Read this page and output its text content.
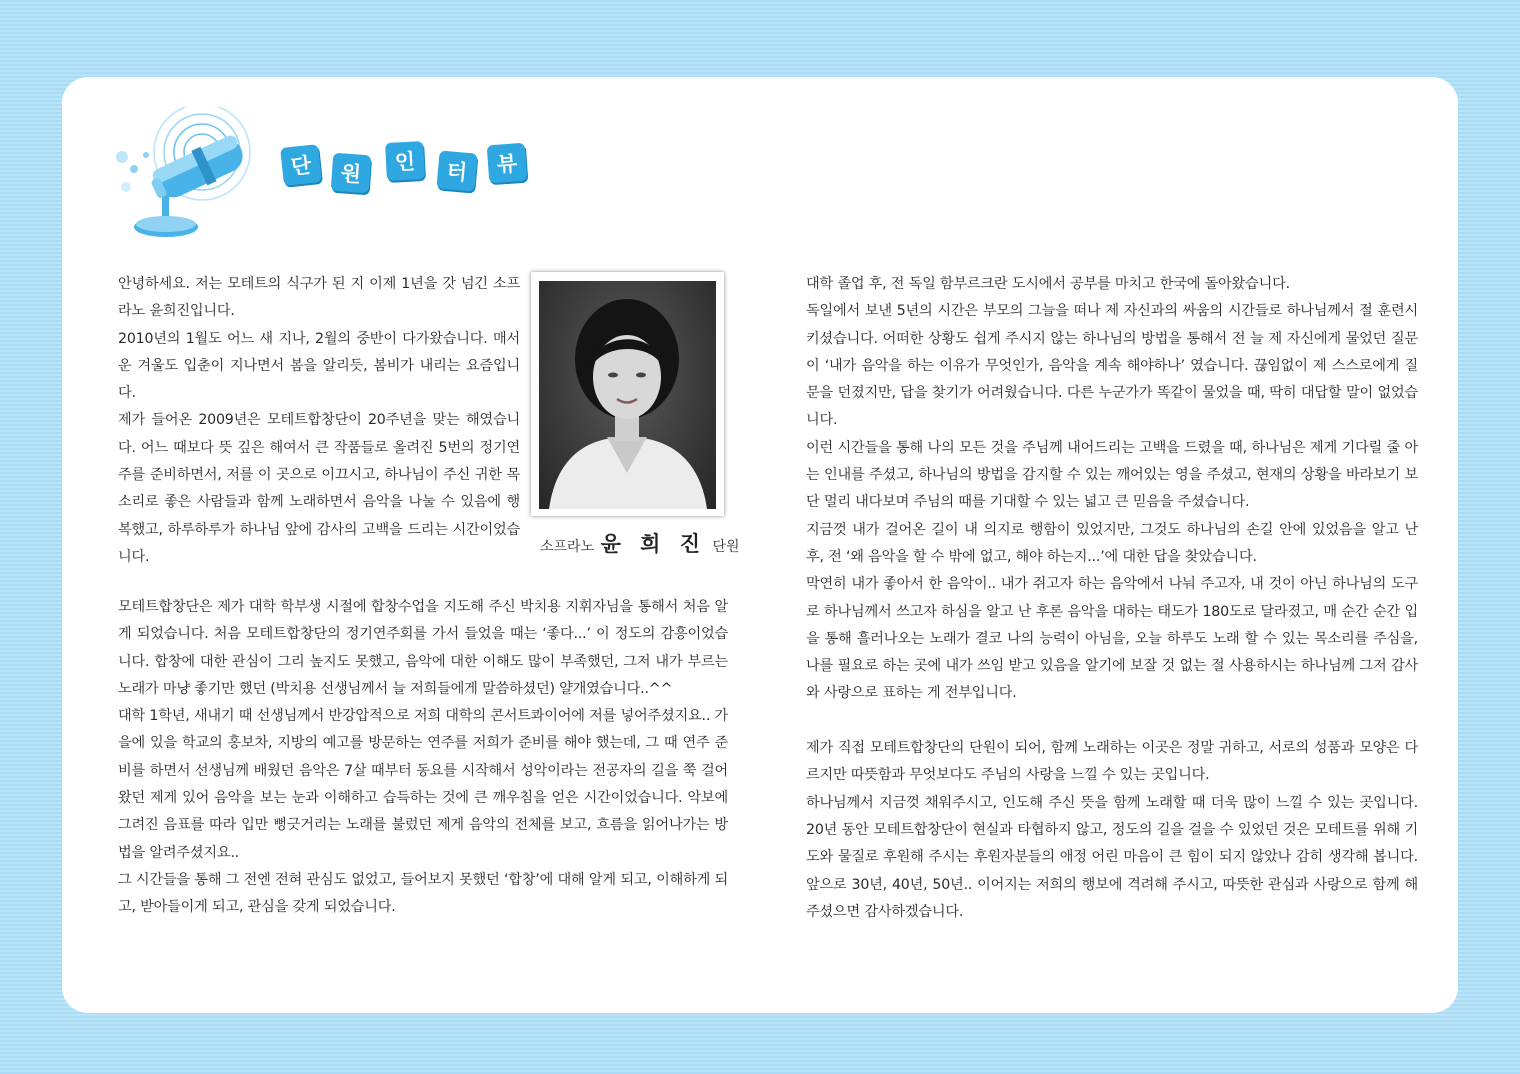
단	원	인	터	뷰

안녕하세요. 저는 모테트의 식구가 된 지 이제 1년을 갓 넘긴 소프라노 윤희진입니다.

2010년의 1월도 어느 새 지나, 2월의 중반이 다가왔습니다. 매서운 겨울도 입춘이 지나면서 봄을 알리듯, 봄비가 내리는 요즘입니다.

제가 들어온 2009년은 모테트합창단이 20주년을 맞는 해였습니다. 어느 때보다 뜻 깊은 해여서 큰 작품들로 올려진 5번의 정기연주를 준비하면서, 저를 이 곳으로 이끄시고, 하나님이 주신 귀한 목소리로 좋은 사람들과 함께 노래하면서 음악을 나눌 수 있음에 행복했고, 하루하루가 하나님 앞에 감사의 고백을 드리는 시간이었습니다.

소프라노 윤 희 진 단원

모테트합창단은 제가 대학 학부생 시절에 합창수업을 지도해 주신 박치용 지휘자님을 통해서 처음 알게 되었습니다. 처음 모테트합창단의 정기연주회를 가서 들었을 때는 ‘좋다...’ 이 정도의 감흥이었습니다. 합창에 대한 관심이 그리 높지도 못했고, 음악에 대한 이해도 많이 부족했던, 그저 내가 부르는 노래가 마냥 좋기만 했던 (박치용 선생님께서 늘 저희들에게 말씀하셨던) 얄개였습니다..^^

대학 1학년, 새내기 때 선생님께서 반강압적으로 저희 대학의 콘서트콰이어에 저를 넣어주셨지요.. 가을에 있을 학교의 홍보차, 지방의 예고를 방문하는 연주를 저희가 준비를 해야 했는데, 그 때 연주 준비를 하면서 선생님께 배웠던 음악은 7살 때부터 동요를 시작해서 성악이라는 전공자의 길을 쭉 걸어왔던 제게 있어 음악을 보는 눈과 이해하고 습득하는 것에 큰 깨우침을 얻은 시간이었습니다. 악보에 그려진 음표를 따라 입만 뻥긋거리는 노래를 불렀던 제게 음악의 전체를 보고, 흐름을 읽어나가는 방법을 알려주셨지요..

그 시간들을 통해 그 전엔 전혀 관심도 없었고, 들어보지 못했던 ‘합창’에 대해 알게 되고, 이해하게 되고, 받아들이게 되고, 관심을 갖게 되었습니다.

대학 졸업 후, 전 독일 함부르크란 도시에서 공부를 마치고 한국에 돌아왔습니다.

독일에서 보낸 5년의 시간은 부모의 그늘을 떠나 제 자신과의 싸움의 시간들로 하나님께서 절 훈련시키셨습니다. 어떠한 상황도 쉽게 주시지 않는 하나님의 방법을 통해서 전 늘 제 자신에게 물었던 질문이 ‘내가 음악을 하는 이유가 무엇인가, 음악을 계속 해야하나’ 였습니다. 끊임없이 제 스스로에게 질문을 던졌지만, 답을 찾기가 어려웠습니다. 다른 누군가가 똑같이 물었을 때, 딱히 대답할 말이 없었습니다.

이런 시간들을 통해 나의 모든 것을 주님께 내어드리는 고백을 드렸을 때, 하나님은 제게 기다릴 줄 아는 인내를 주셨고, 하나님의 방법을 감지할 수 있는 깨어있는 영을 주셨고, 현재의 상황을 바라보기 보단 멀리 내다보며 주님의 때를 기대할 수 있는 넓고 큰 믿음을 주셨습니다.

지금껏 내가 걸어온 길이 내 의지로 행함이 있었지만, 그것도 하나님의 손길 안에 있었음을 알고 난 후, 전 ‘왜 음악을 할 수 밖에 없고, 해야 하는지...’에 대한 답을 찾았습니다.

막연히 내가 좋아서 한 음악이.. 내가 쥐고자 하는 음악에서 나눠 주고자, 내 것이 아닌 하나님의 도구로 하나님께서 쓰고자 하심을 알고 난 후론 음악을 대하는 태도가 180도로 달라졌고, 매 순간 순간 입을 통해 흘러나오는 노래가 결코 나의 능력이 아님을, 오늘 하루도 노래 할 수 있는 목소리를 주심을, 나를 필요로 하는 곳에 내가 쓰임 받고 있음을 알기에 보잘 것 없는 절 사용하시는 하나님께 그저 감사와 사랑으로 표하는 게 전부입니다.

제가 직접 모테트합창단의 단원이 되어, 함께 노래하는 이곳은 정말 귀하고, 서로의 성품과 모양은 다르지만 따뜻함과 무엇보다도 주님의 사랑을 느낄 수 있는 곳입니다.

하나님께서 지금껏 채워주시고, 인도해 주신 뜻을 함께 노래할 때 더욱 많이 느낄 수 있는 곳입니다. 20년 동안 모테트합창단이 현실과 타협하지 않고, 정도의 길을 걸을 수 있었던 것은 모테트를 위해 기도와 물질로 후원해 주시는 후원자분들의 애정 어린 마음이 큰 힘이 되지 않았나 감히 생각해 봅니다. 앞으로 30년, 40년, 50년.. 이어지는 저희의 행보에 격려해 주시고, 따뜻한 관심과 사랑으로 함께 해 주셨으면 감사하겠습니다.
